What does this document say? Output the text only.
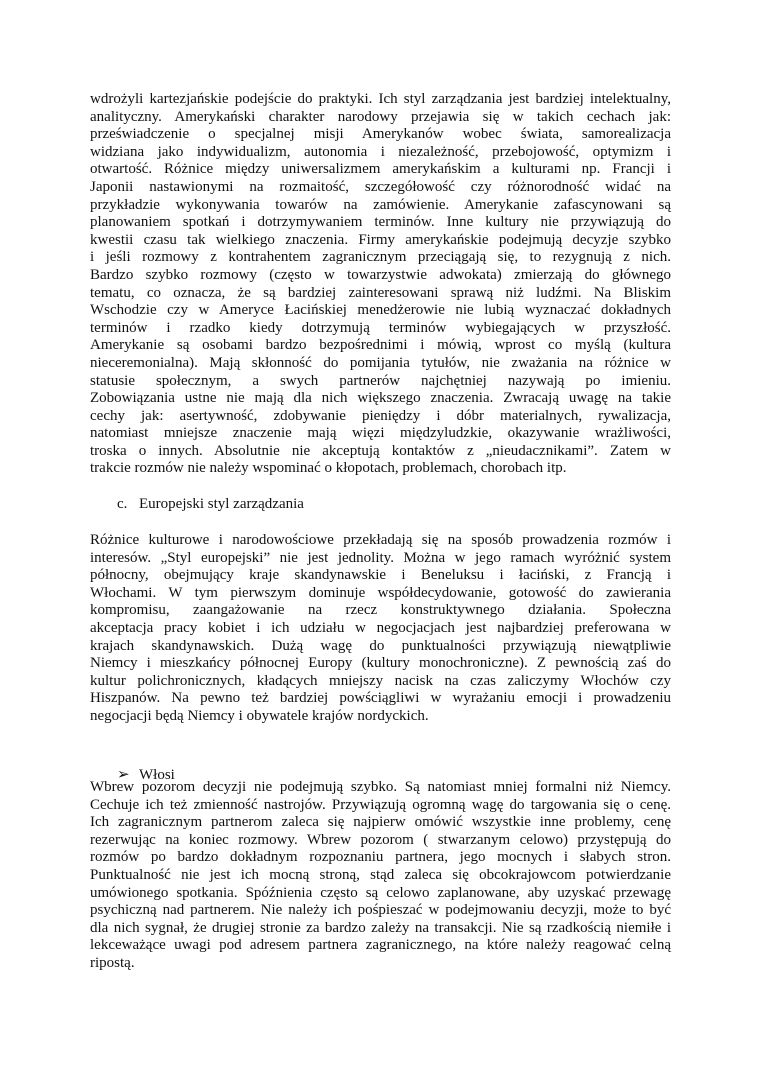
wdrożyli kartezjańskie podejście do praktyki. Ich styl zarządzania jest bardziej intelektualny,
analityczny. Amerykański charakter narodowy przejawia się w takich cechach jak:
przeświadczenie o specjalnej misji Amerykanów wobec świata, samorealizacja
widziana jako indywidualizm, autonomia i niezależność, przebojowość, optymizm i
otwartość. Różnice między uniwersalizmem amerykańskim a kulturami np. Francji i
Japonii nastawionymi na rozmaitość, szczegółowość czy różnorodność widać na
przykładzie wykonywania towarów na zamówienie. Amerykanie zafascynowani są
planowaniem spotkań i dotrzymywaniem terminów. Inne kultury nie przywiązują do
kwestii czasu tak wielkiego znaczenia. Firmy amerykańskie podejmują decyzje szybko
i jeśli rozmowy z kontrahentem zagranicznym przeciągają się, to rezygnują z nich.
Bardzo szybko rozmowy (często w towarzystwie adwokata) zmierzają do głównego
tematu, co oznacza, że są bardziej zainteresowani sprawą niż ludźmi. Na Bliskim
Wschodzie czy w Ameryce Łacińskiej menedżerowie nie lubią wyznaczać dokładnych
terminów i rzadko kiedy dotrzymują terminów wybiegających w przyszłość.
Amerykanie są osobami bardzo bezpośrednimi i mówią, wprost co myślą (kultura
nieceremonialna). Mają skłonność do pomijania tytułów, nie zważania na różnice w
statusie społecznym, a swych partnerów najchętniej nazywają po imieniu.
Zobowiązania ustne nie mają dla nich większego znaczenia. Zwracają uwagę na takie
cechy jak: asertywność, zdobywanie pieniędzy i dóbr materialnych, rywalizacja,
natomiast mniejsze znaczenie mają więzi międzyludzkie, okazywanie wrażliwości,
troska o innych. Absolutnie nie akceptują kontaktów z „nieudacznikami”. Zatem w
trakcie rozmów nie należy wspominać o kłopotach, problemach, chorobach itp.
c. Europejski styl zarządzania
Różnice kulturowe i narodowościowe przekładają się na sposób prowadzenia rozmów i
interesów. „Styl europejski” nie jest jednolity. Można w jego ramach wyróżnić system
północny, obejmujący kraje skandynawskie i Beneluksu i łaciński, z Francją i
Włochami. W tym pierwszym dominuje współdecydowanie, gotowość do zawierania
kompromisu, zaangażowanie na rzecz konstruktywnego działania. Społeczna
akceptacja pracy kobiet i ich udziału w negocjacjach jest najbardziej preferowana w
krajach skandynawskich. Dużą wagę do punktualności przywiązują niewątpliwie
Niemcy i mieszkańcy północnej Europy (kultury monochroniczne). Z pewnością zaś do
kultur polichronicznych, kładących mniejszy nacisk na czas zaliczymy Włochów czy
Hiszpanów. Na pewno też bardziej powściągliwi w wyrażaniu emocji i prowadzeniu
negocjacji będą Niemcy i obywatele krajów nordyckich.
➢ Włosi
Wbrew pozorom decyzji nie podejmują szybko. Są natomiast mniej formalni niż Niemcy.
Cechuje ich też zmienność nastrojów. Przywiązują ogromną wagę do targowania się o cenę.
Ich zagranicznym partnerom zaleca się najpierw omówić wszystkie inne problemy, cenę
rezerwując na koniec rozmowy. Wbrew pozorom ( stwarzanym celowo) przystępują do
rozmów po bardzo dokładnym rozpoznaniu partnera, jego mocnych i słabych stron.
Punktualność nie jest ich mocną stroną, stąd zaleca się obcokrajowcom potwierdzanie
umówionego spotkania. Spóźnienia często są celowo zaplanowane, aby uzyskać przewagę
psychiczną nad partnerem. Nie należy ich pośpieszać w podejmowaniu decyzji, może to być
dla nich sygnał, że drugiej stronie za bardzo zależy na transakcji. Nie są rzadkością niemiłe i
lekceważące uwagi pod adresem partnera zagranicznego, na które należy reagować celną
ripostą.
